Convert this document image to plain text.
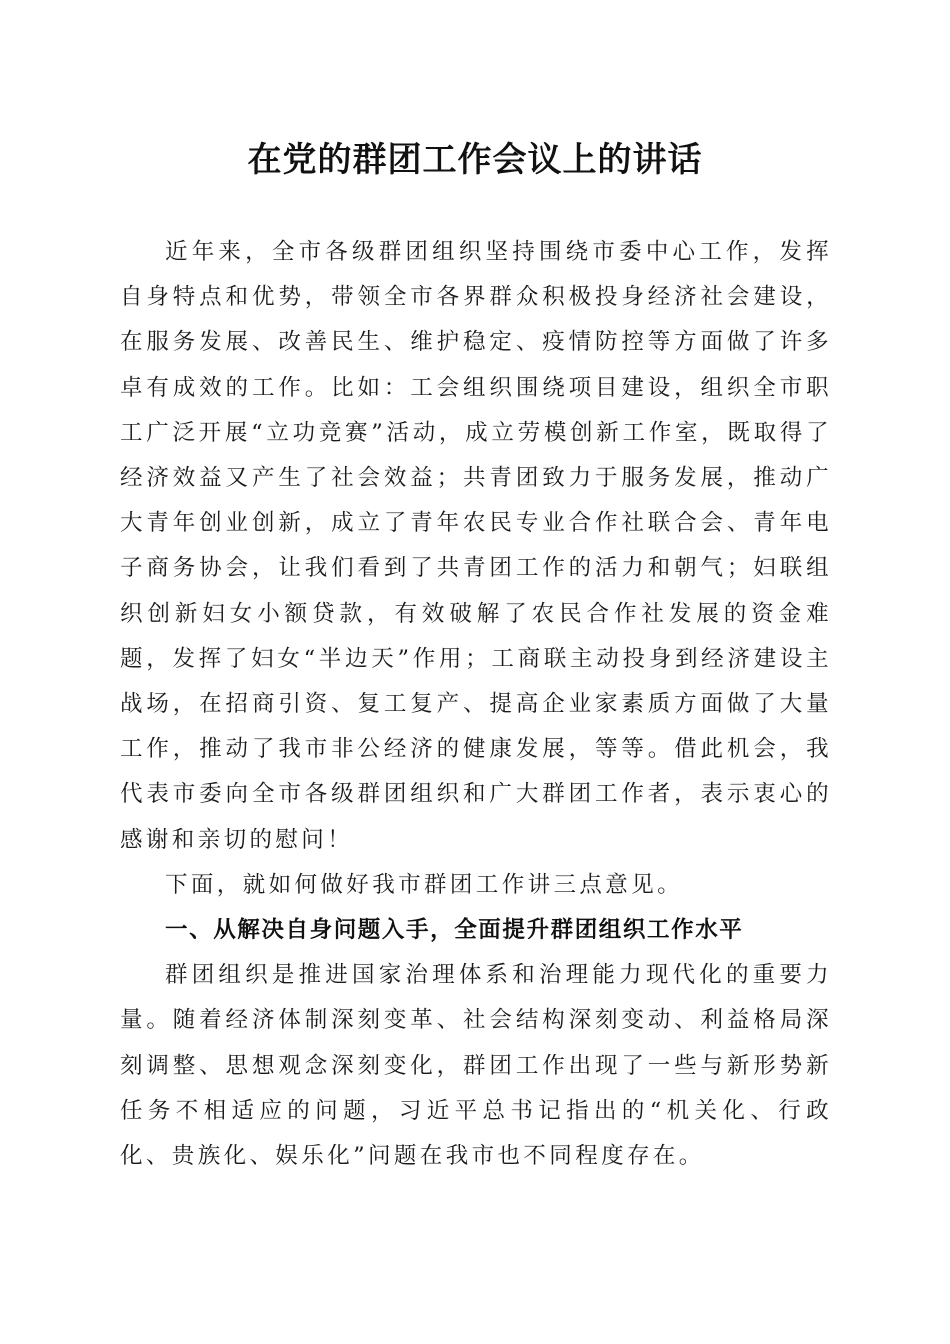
在党的群团工作会议上的讲话

近年来，全市各级群团组织坚持围绕市委中心工作，发挥自身特点和优势，带领全市各界群众积极投身经济社会建设，在服务发展、改善民生、维护稳定、疫情防控等方面做了许多卓有成效的工作。比如：工会组织围绕项目建设，组织全市职工广泛开展“立功竞赛”活动，成立劳模创新工作室，既取得了经济效益又产生了社会效益；共青团致力于服务发展，推动广大青年创业创新，成立了青年农民专业合作社联合会、青年电子商务协会，让我们看到了共青团工作的活力和朝气；妇联组织创新妇女小额贷款，有效破解了农民合作社发展的资金难题，发挥了妇女“半边天”作用；工商联主动投身到经济建设主战场，在招商引资、复工复产、提高企业家素质方面做了大量工作，推动了我市非公经济的健康发展，等等。借此机会，我代表市委向全市各级群团组织和广大群团工作者，表示衷心的感谢和亲切的慰问！

下面，就如何做好我市群团工作讲三点意见。

一、从解决自身问题入手，全面提升群团组织工作水平

群团组织是推进国家治理体系和治理能力现代化的重要力量。随着经济体制深刻变革、社会结构深刻变动、利益格局深刻调整、思想观念深刻变化，群团工作出现了一些与新形势新任务不相适应的问题，习近平总书记指出的“机关化、行政化、贵族化、娱乐化”问题在我市也不同程度存在。
